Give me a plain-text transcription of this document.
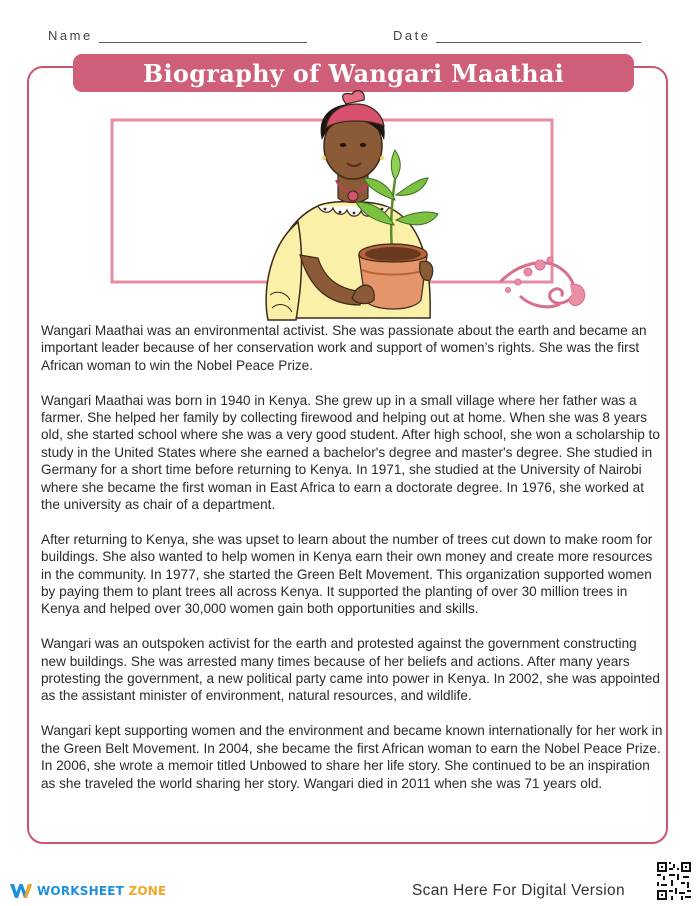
Name	Date
Biography of Wangari Maathai

Wangari Maathai was an environmental activist. She was passionate about the earth and became an important leader because of her conservation work and support of women’s rights. She was the first African woman to win the Nobel Peace Prize.

Wangari Maathai was born in 1940 in Kenya. She grew up in a small village where her father was a farmer. She helped her family by collecting firewood and helping out at home. When she was 8 years old, she started school where she was a very good student. After high school, she won a scholarship to study in the United States where she earned a bachelor's degree and master's degree. She studied in Germany for a short time before returning to Kenya. In 1971, she studied at the University of Nairobi where she became the first woman in East Africa to earn a doctorate degree. In 1976, she worked at the university as chair of a department.

After returning to Kenya, she was upset to learn about the number of trees cut down to make room for buildings. She also wanted to help women in Kenya earn their own money and create more resources in the community. In 1977, she started the Green Belt Movement. This organization supported women by paying them to plant trees all across Kenya. It supported the planting of over 30 million trees in Kenya and helped over 30,000 women gain both opportunities and skills.

Wangari was an outspoken activist for the earth and protested against the government constructing new buildings. She was arrested many times because of her beliefs and actions. After many years protesting the government, a new political party came into power in Kenya. In 2002, she was appointed as the assistant minister of environment, natural resources, and wildlife.

Wangari kept supporting women and the environment and became known internationally for her work in the Green Belt Movement. In 2004, she became the first African woman to earn the Nobel Peace Prize. In 2006, she wrote a memoir titled Unbowed to share her life story. She continued to be an inspiration as she traveled the world sharing her story. Wangari died in 2011 when she was 71 years old.

WORKSHEET ZONE	Scan Here For Digital Version
